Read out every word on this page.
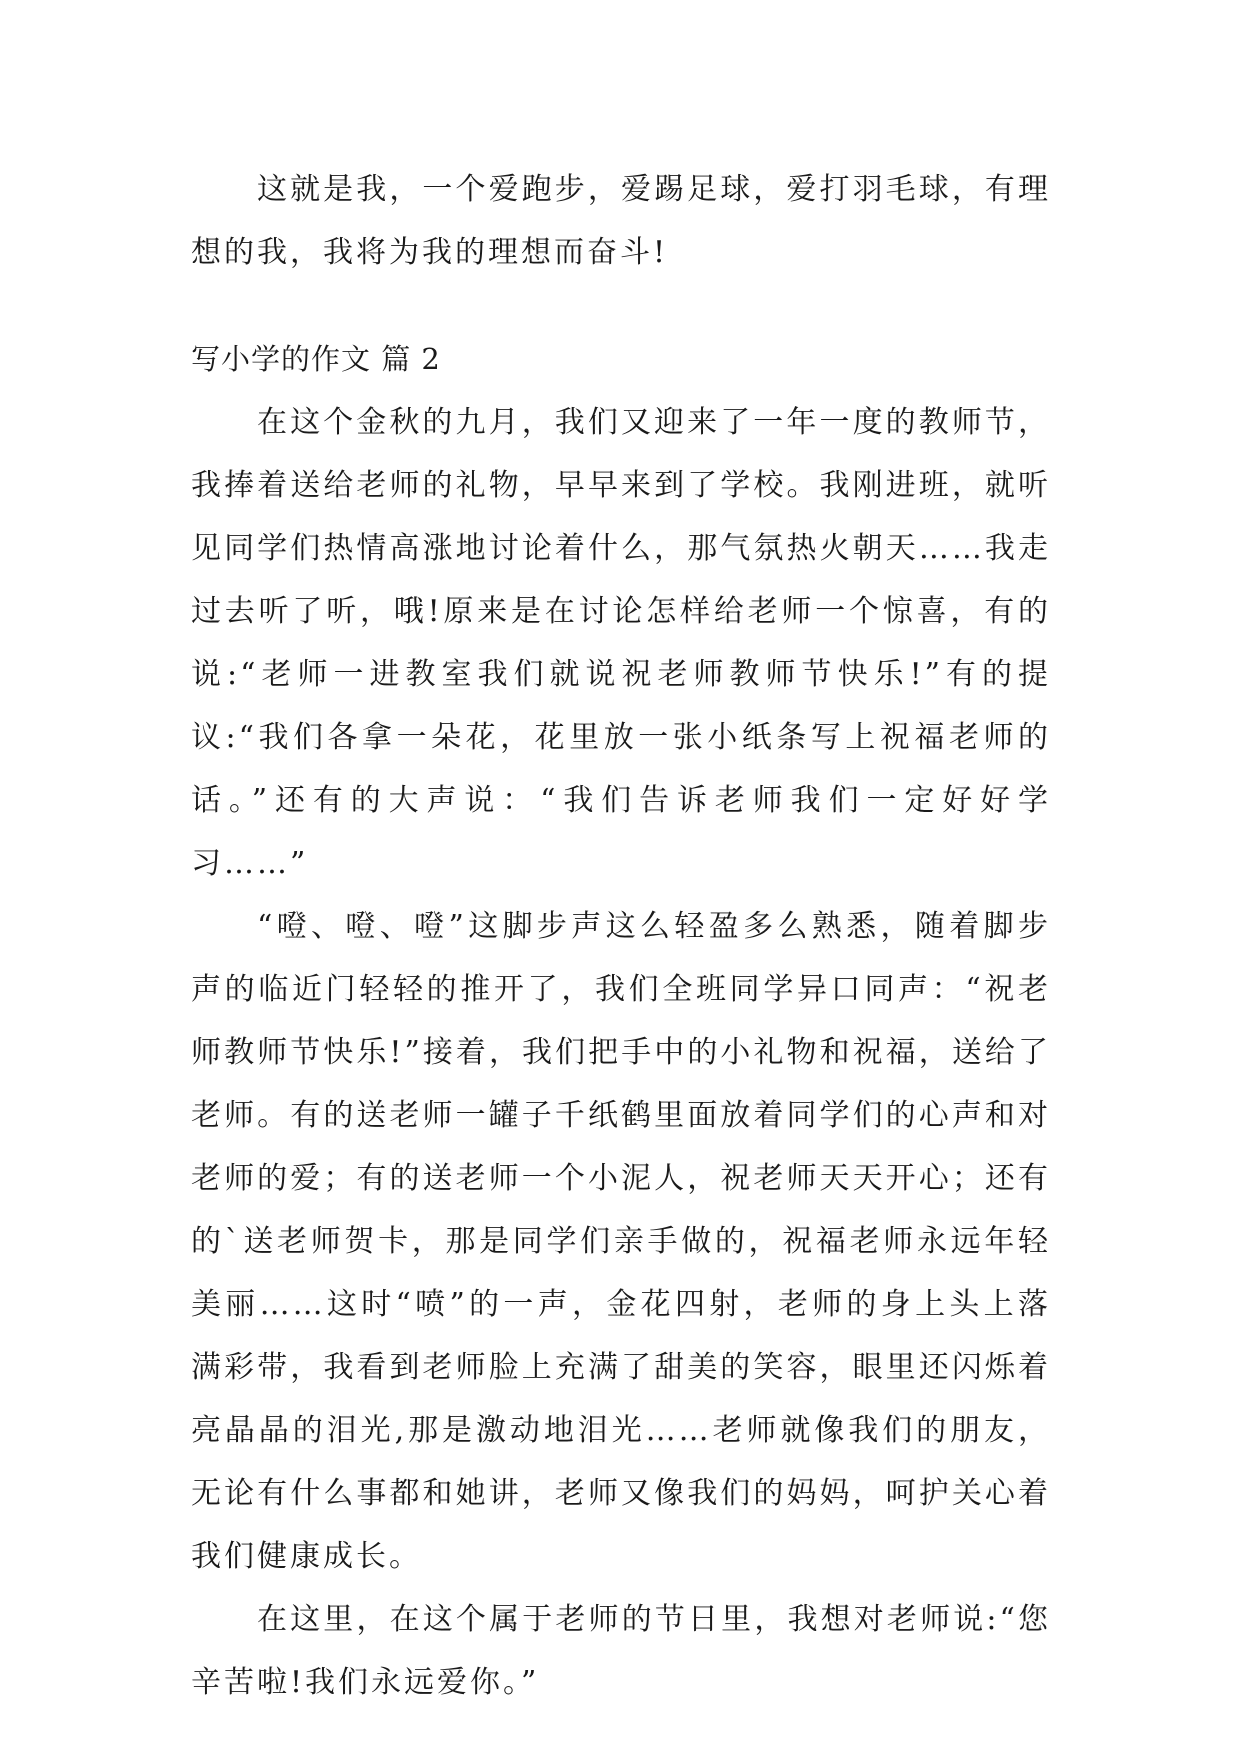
这就是我，一个爱跑步，爱踢足球，爱打羽毛球，有理想的我，我将为我的理想而奋斗!

写小学的作文 篇 2

在这个金秋的九月，我们又迎来了一年一度的教师节，我捧着送给老师的礼物，早早来到了学校。我刚进班，就听见同学们热情高涨地讨论着什么，那气氛热火朝天……我走过去听了听，哦!原来是在讨论怎样给老师一个惊喜，有的说:“老师一进教室我们就说祝老师教师节快乐!”有的提议:“我们各拿一朵花，花里放一张小纸条写上祝福老师的话。”还有的大声说：“我们告诉老师我们一定好好学习……”

“噔、噔、噔”这脚步声这么轻盈多么熟悉，随着脚步声的临近门轻轻的推开了，我们全班同学异口同声：“祝老师教师节快乐!”接着，我们把手中的小礼物和祝福，送给了老师。有的送老师一罐子千纸鹤里面放着同学们的心声和对老师的爱；有的送老师一个小泥人，祝老师天天开心；还有的`送老师贺卡，那是同学们亲手做的，祝福老师永远年轻美丽……这时“喷”的一声，金花四射，老师的身上头上落满彩带，我看到老师脸上充满了甜美的笑容，眼里还闪烁着亮晶晶的泪光,那是激动地泪光……老师就像我们的朋友，无论有什么事都和她讲，老师又像我们的妈妈，呵护关心着我们健康成长。

在这里，在这个属于老师的节日里，我想对老师说:“您辛苦啦!我们永远爱你。”
